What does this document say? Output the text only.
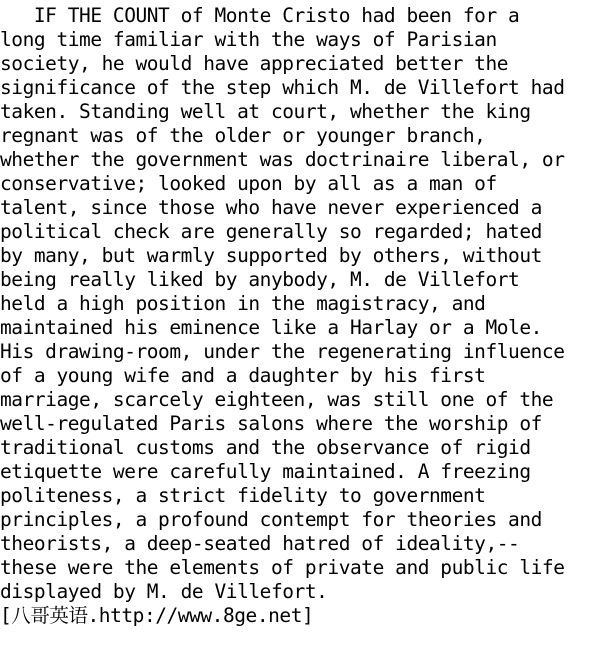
IF THE COUNT of Monte Cristo had been for a
long time familiar with the ways of Parisian
society, he would have appreciated better the
significance of the step which M. de Villefort had
taken. Standing well at court, whether the king
regnant was of the older or younger branch,
whether the government was doctrinaire liberal, or
conservative; looked upon by all as a man of
talent, since those who have never experienced a
political check are generally so regarded; hated
by many, but warmly supported by others, without
being really liked by anybody, M. de Villefort
held a high position in the magistracy, and
maintained his eminence like a Harlay or a Mole.
His drawing-room, under the regenerating influence
of a young wife and a daughter by his first
marriage, scarcely eighteen, was still one of the
well-regulated Paris salons where the worship of
traditional customs and the observance of rigid
etiquette were carefully maintained. A freezing
politeness, a strict fidelity to government
principles, a profound contempt for theories and
theorists, a deep-seated hatred of ideality,--
these were the elements of private and public life
displayed by M. de Villefort.
[八哥英语.http://www.8ge.net]
